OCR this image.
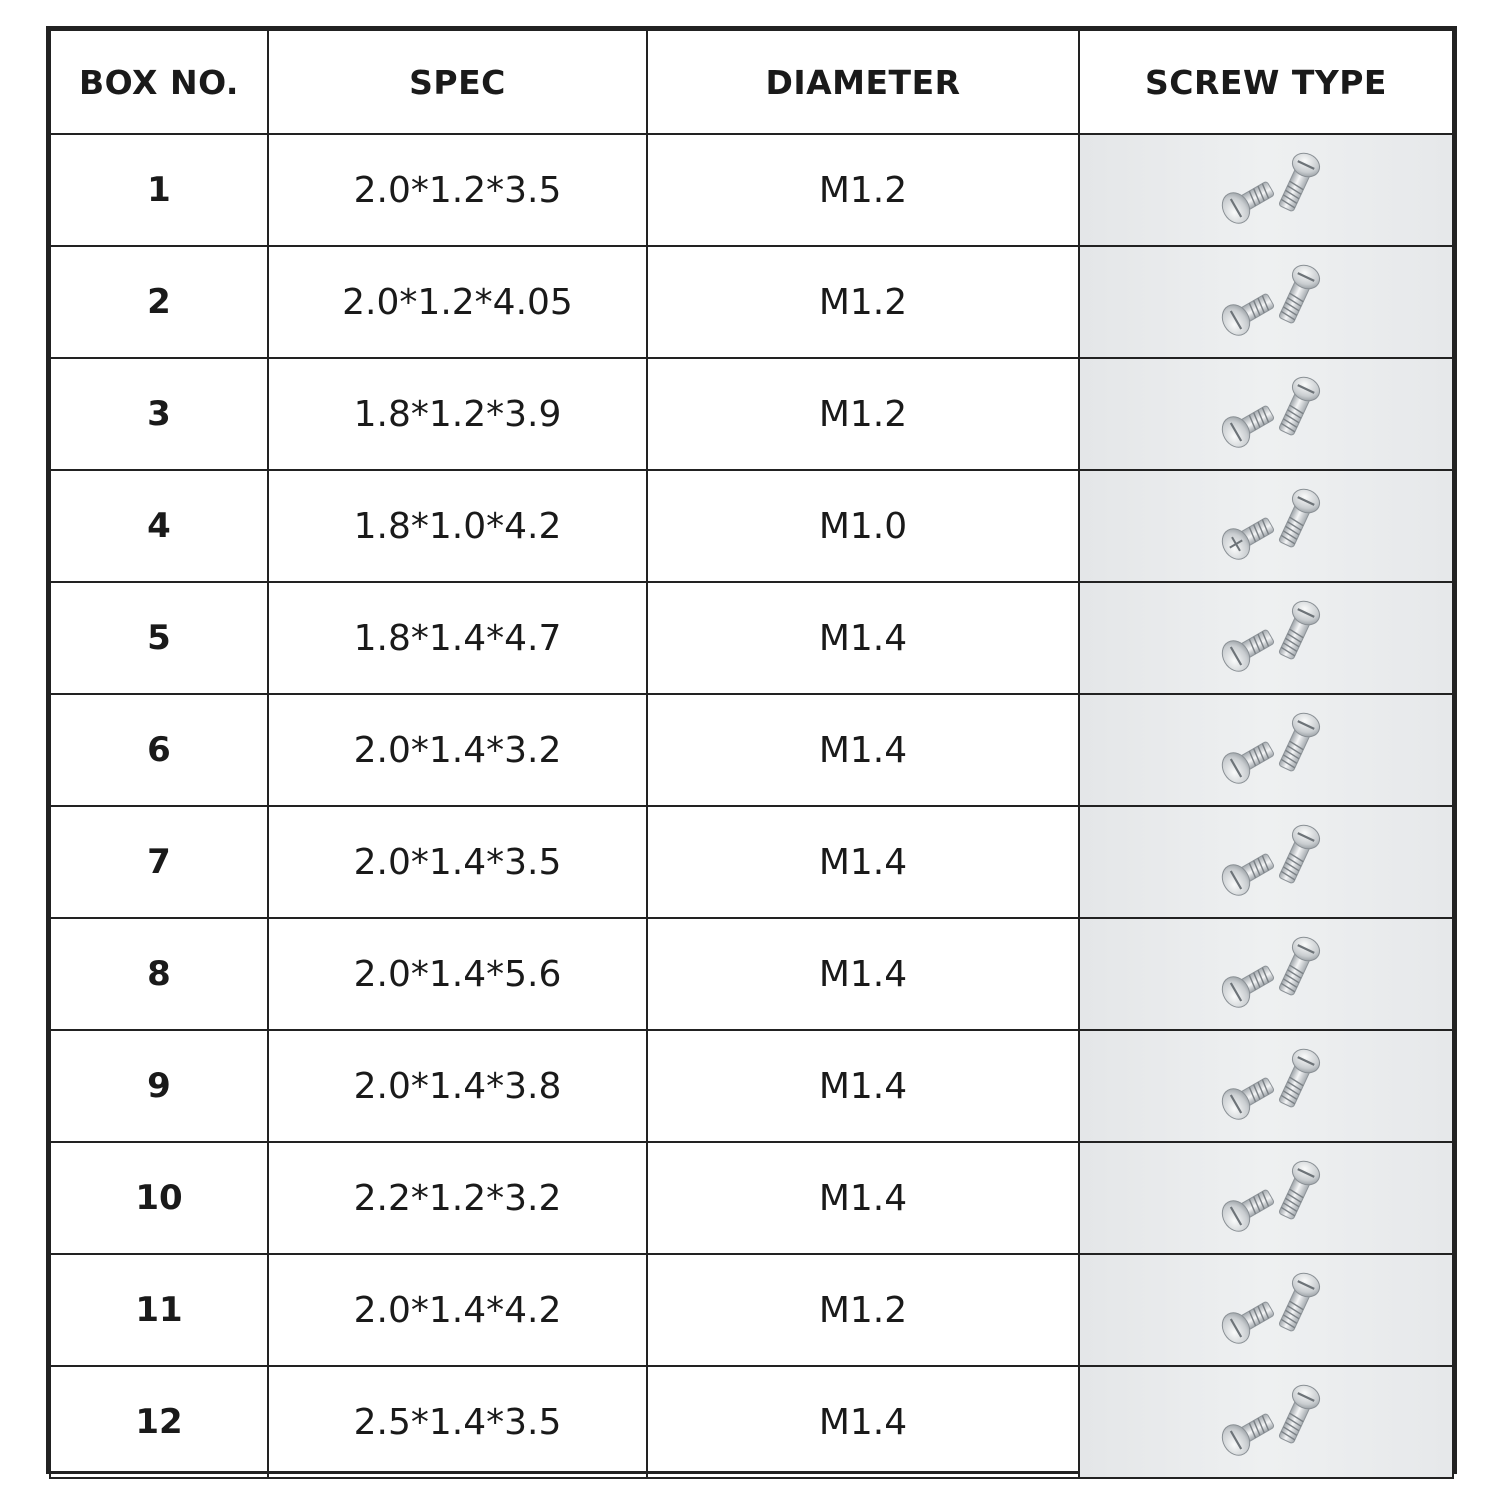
BOX NO.	SPEC	DIAMETER	SCREW TYPE
1	2.0*1.2*3.5	M1.2	

2	2.0*1.2*4.05	M1.2	

3	1.8*1.2*3.9	M1.2	

4	1.8*1.0*4.2	M1.0	

5	1.8*1.4*4.7	M1.4	

6	2.0*1.4*3.2	M1.4	

7	2.0*1.4*3.5	M1.4	

8	2.0*1.4*5.6	M1.4	

9	2.0*1.4*3.8	M1.4	

10	2.2*1.2*3.2	M1.4	

11	2.0*1.4*4.2	M1.2	

12	2.5*1.4*3.5	M1.4	
